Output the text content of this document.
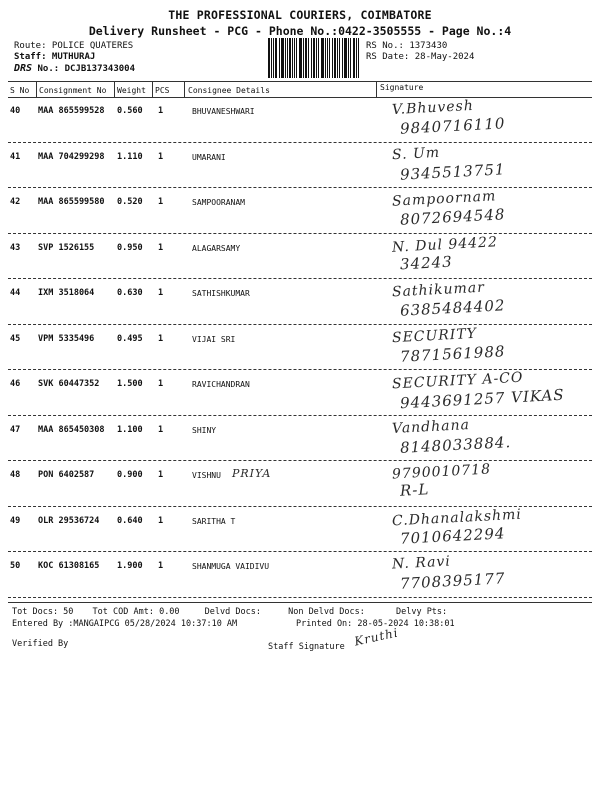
THE PROFESSIONAL COURIERS, COIMBATORE
Delivery Runsheet - PCG - Phone No.:0422-3505555 - Page No.:4
Route: POLICE QUATERES
Staff: MUTHURAJ
DRS No.: DCJB137343004
RS No.: 1373430
RS Date: 28-May-2024
S No Consignment No Weight PCS Consignee Details	Signature
40 MAA 865599528 0.560 1	BHUVANESHWARI	V.Bhuvesh
9840716110
41 MAA 704299298 1.110 1	UMARANI	S. Um
9345513751
42 MAA 865599580 0.520 1	SAMPOORANAM	Sampoornam
8072694548
43 SVP 1526155	0.950 1	ALAGARSAMY	N. Dul 94422
34243
44 IXM 3518064	0.630 1	SATHISHKUMAR	Sathikumar
6385484402
45 VPM 5335496	0.495 1	VIJAI SRI	SECURITY
7871561988
46 SVK 60447352 1.500 1	RAVICHANDRAN	SECURITY A-CO
9443691257 VIKAS
47 MAA 865450308 1.100 1	SHINY	Vandhana
8148033884.
48 PON 6402587	0.900 1	VISHNU PRIYA	9790010718
R-L
49 OLR 29536724 0.640 1	SARITHA T	C.Dhanalakshmi
7010642294
50 KOC 61308165 1.900 1	SHANMUGA VAIDIVU	N. Ravi
7708395177
Tot Docs: 50 Tot COD Amt: 0.00	Delvd Docs:	Non Delvd Docs:	Delvy Pts:
Entered By :MANGAIPCG 05/28/2024 10:37:10 AM	Printed On: 28-05-2024 10:38:01
Verified By	Staff Signature Kruthi
